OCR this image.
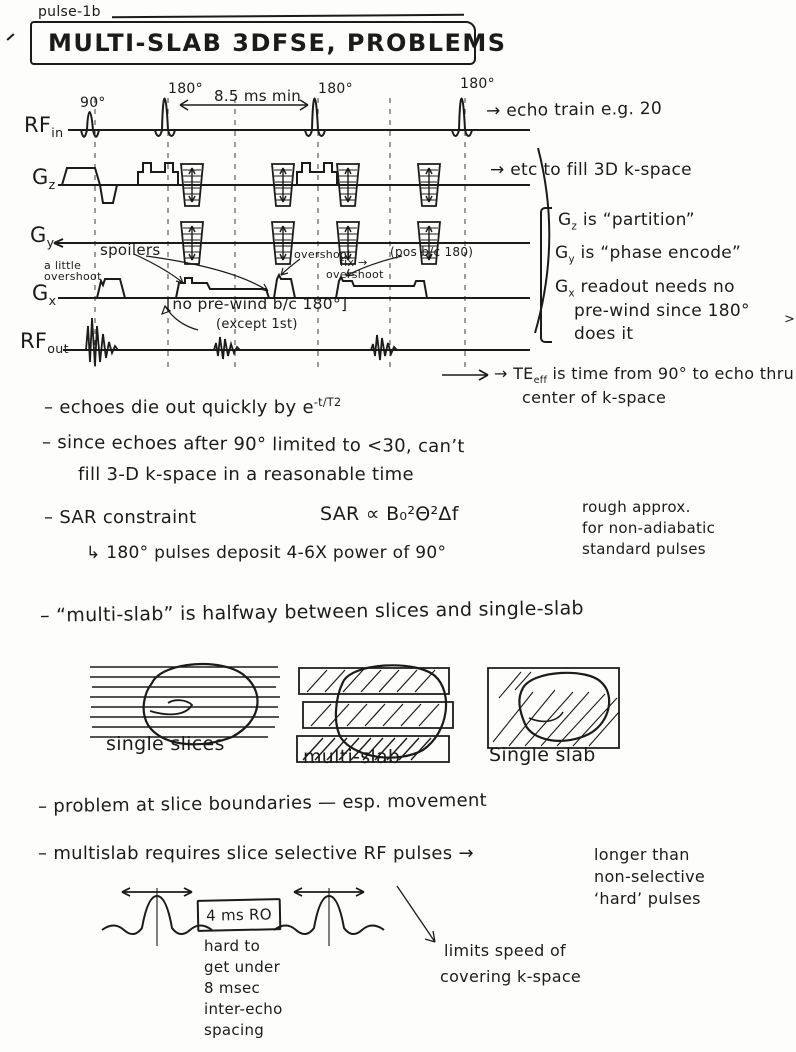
pulse-1b
MULTI-SLAB 3DFSE, PROBLEMS
90°
180° 8.5 ms min 180°	180°
$RF_{in}$
$G_z$
$G_y$
$G_x$
$RF_{out}$
spoilers
a little
overshoot
overshoot
fix →
overshoot
(pos b/c 180)
[no pre-wind b/c 180°]
(except 1st)
→ echo train e.g. 20
→ etc to fill 3D k-space
$G_z$ is “partition”
$G_y$ is “phase encode”
$G_x$ readout needs no
pre-wind since 180°
does it
>
→ $TE_{eff}$ is time from 90° to echo thru
center of k-space
– echoes die out quickly by $e^{-t/T2}$
– since echoes after 90° limited to <30, can’t
fill 3-D k-space in a reasonable time
– SAR constraint	SAR ∝ B₀²Θ²Δf
↳ 180° pulses deposit 4-6X power of 90°
rough approx.
for non-adiabatic
standard pulses
– “multi-slab” is halfway between slices and single-slab
single slices
multi-slab	Single slab
– problem at slice boundaries — esp. movement
– multislab requires slice selective RF pulses →	longer than
non-selective
‘hard’ pulses
4 ms RO
hard to
get under
8 msec
inter-echo
spacing
limits speed of
covering k-space
